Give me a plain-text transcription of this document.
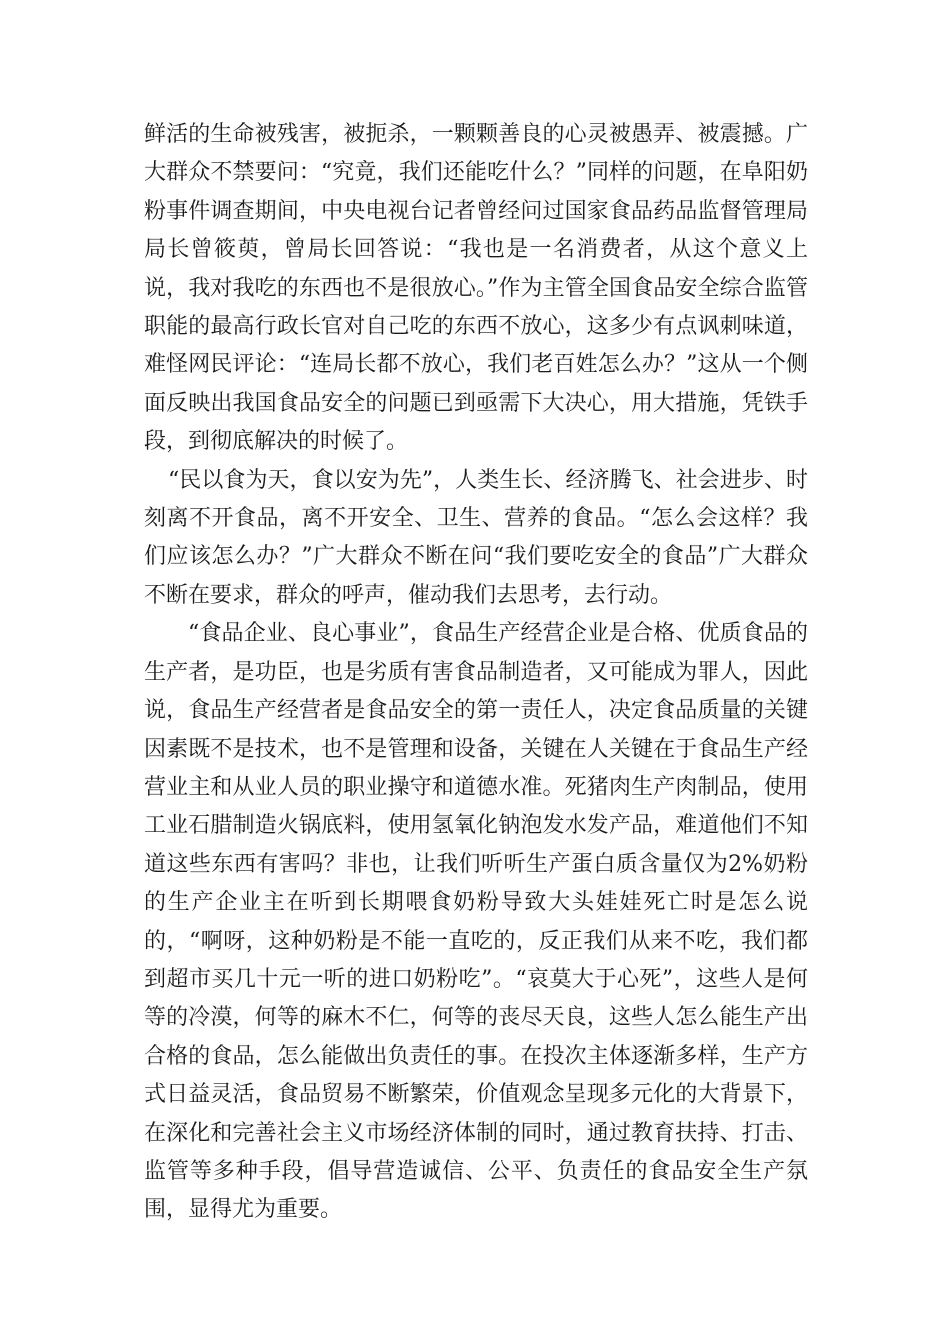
鲜活的生命被残害，被扼杀，一颗颗善良的心灵被愚弄、被震撼。广大群众不禁要问：“究竟，我们还能吃什么？”同样的问题，在阜阳奶粉事件调查期间，中央电视台记者曾经问过国家食品药品监督管理局局长曾筱萸，曾局长回答说：“我也是一名消费者，从这个意义上说，我对我吃的东西也不是很放心。”作为主管全国食品安全综合监管职能的最高行政长官对自己吃的东西不放心，这多少有点讽刺味道，难怪网民评论：“连局长都不放心，我们老百姓怎么办？”这从一个侧面反映出我国食品安全的问题已到亟需下大决心，用大措施，凭铁手段，到彻底解决的时候了。

“民以食为天，食以安为先”，人类生长、经济腾飞、社会进步、时刻离不开食品，离不开安全、卫生、营养的食品。“怎么会这样？我们应该怎么办？”广大群众不断在问“我们要吃安全的食品”广大群众不断在要求，群众的呼声，催动我们去思考，去行动。

“食品企业、良心事业”，食品生产经营企业是合格、优质食品的生产者，是功臣，也是劣质有害食品制造者，又可能成为罪人，因此说，食品生产经营者是食品安全的第一责任人，决定食品质量的关键因素既不是技术，也不是管理和设备，关键在人关键在于食品生产经营业主和从业人员的职业操守和道德水准。死猪肉生产肉制品，使用工业石腊制造火锅底料，使用氢氧化钠泡发水发产品，难道他们不知道这些东西有害吗？非也，让我们听听生产蛋白质含量仅为2%奶粉的生产企业主在听到长期喂食奶粉导致大头娃娃死亡时是怎么说的，“啊呀，这种奶粉是不能一直吃的，反正我们从来不吃，我们都到超市买几十元一听的进口奶粉吃”。“哀莫大于心死”，这些人是何等的冷漠，何等的麻木不仁，何等的丧尽天良，这些人怎么能生产出合格的食品，怎么能做出负责任的事。在投次主体逐渐多样，生产方式日益灵活，食品贸易不断繁荣，价值观念呈现多元化的大背景下，在深化和完善社会主义市场经济体制的同时，通过教育扶持、打击、监管等多种手段，倡导营造诚信、公平、负责任的食品安全生产氛围，显得尤为重要。
